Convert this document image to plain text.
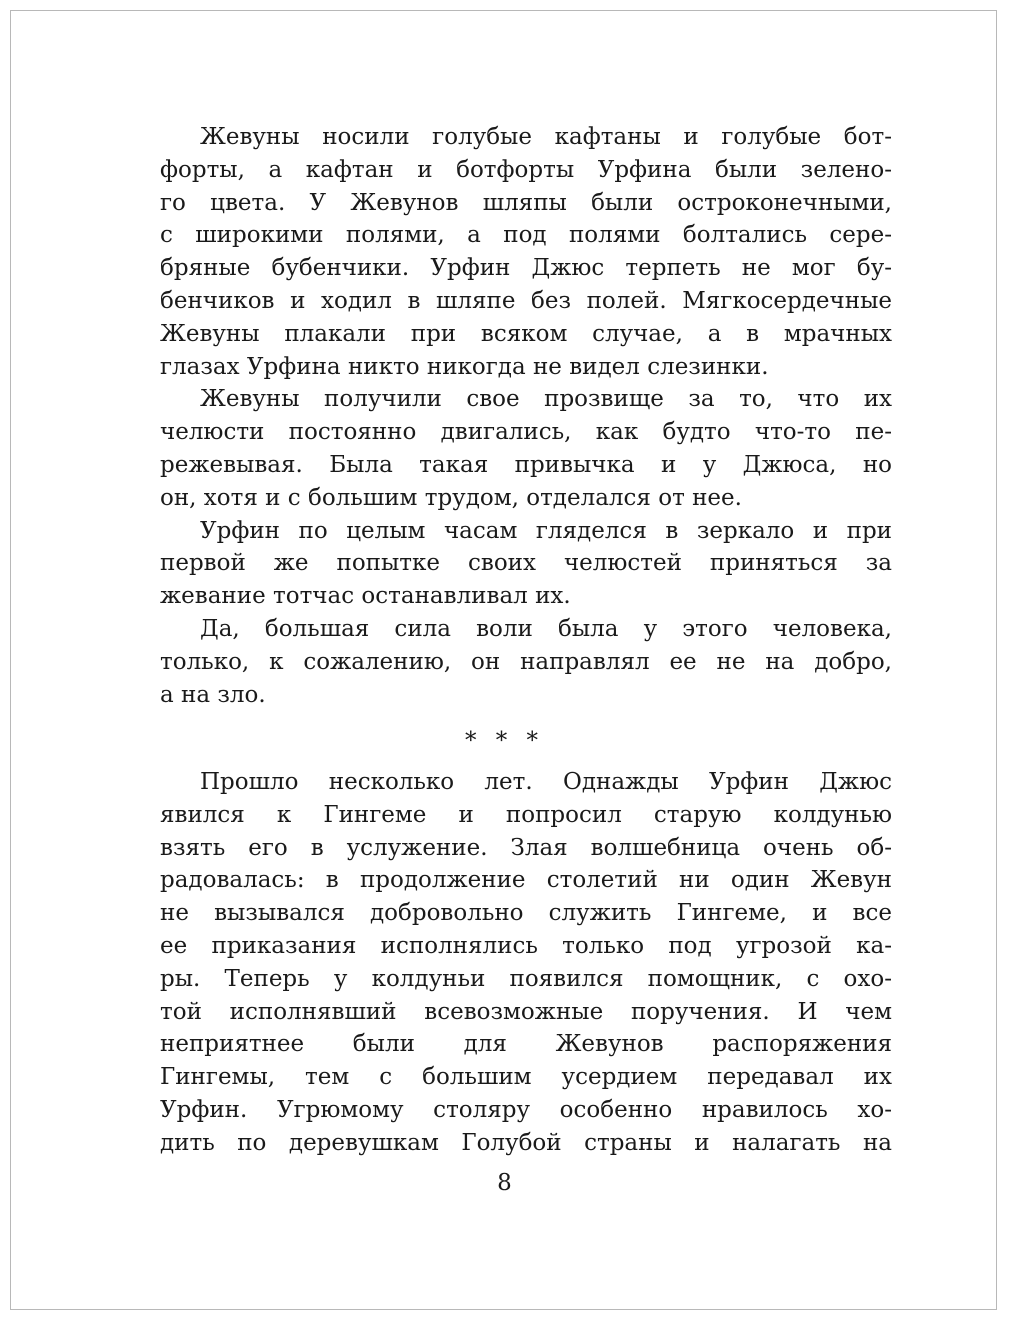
Жевуны носили голубые кафтаны и голубые бот-
форты, а кафтан и ботфорты Урфина были зелено-
го цвета. У Жевунов шляпы были остроконечными,
с широкими полями, а под полями болтались сере-
бряные бубенчики. Урфин Джюс терпеть не мог бу-
бенчиков и ходил в шляпе без полей. Мягкосердечные
Жевуны плакали при всяком случае, а в мрачных
глазах Урфина никто никогда не видел слезинки.
Жевуны получили свое прозвище за то, что их
челюсти постоянно двигались, как будто что-то пе-
режевывая. Была такая привычка и у Джюса, но
он, хотя и с большим трудом, отделался от нее.
Урфин по целым часам гляделся в зеркало и при
первой же попытке своих челюстей приняться за
жевание тотчас останавливал их.
Да, большая сила воли была у этого человека,
только, к сожалению, он направлял ее не на добро,
а на зло.
* * *
Прошло несколько лет. Однажды Урфин Джюс
явился к Гингеме и попросил старую колдунью
взять его в услужение. Злая волшебница очень об-
радовалась: в продолжение столетий ни один Жевун
не вызывался добровольно служить Гингеме, и все
ее приказания исполнялись только под угрозой ка-
ры. Теперь у колдуньи появился помощник, с охо-
той исполнявший всевозможные поручения. И чем
неприятнее были для Жевунов распоряжения
Гингемы, тем с большим усердием передавал их
Урфин. Угрюмому столяру особенно нравилось хо-
дить по деревушкам Голубой страны и налагать на
8
